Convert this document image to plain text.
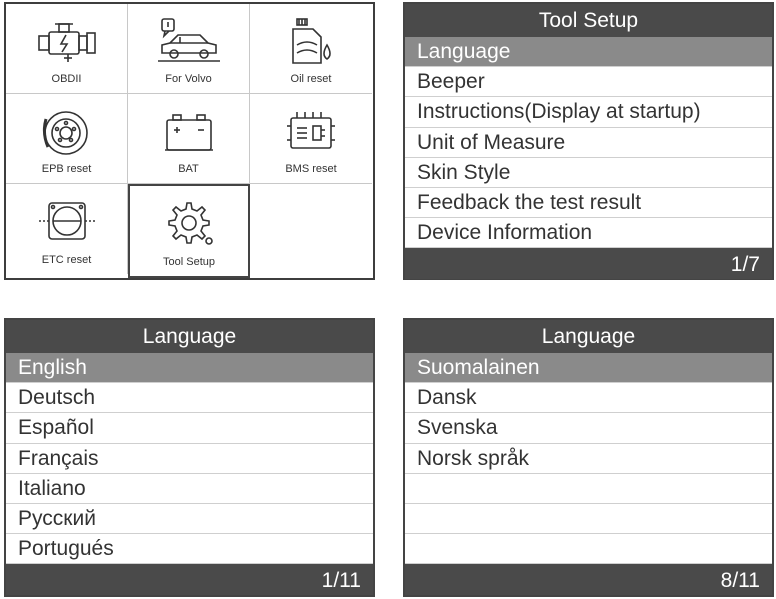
OBDII	For Volvo	Oil reset
EPB reset	BAT	BMS reset
ETC reset	Tool Setup
Tool Setup
Language
Beeper
Instructions(Display at startup)
Unit of Measure
Skin Style
Feedback the test result
Device Information
1/7
Language
English
Deutsch
Español
Français
Italiano
Русский
Portugués
1/11
Language
Suomalainen
Dansk
Svenska
Norsk språk
8/11
